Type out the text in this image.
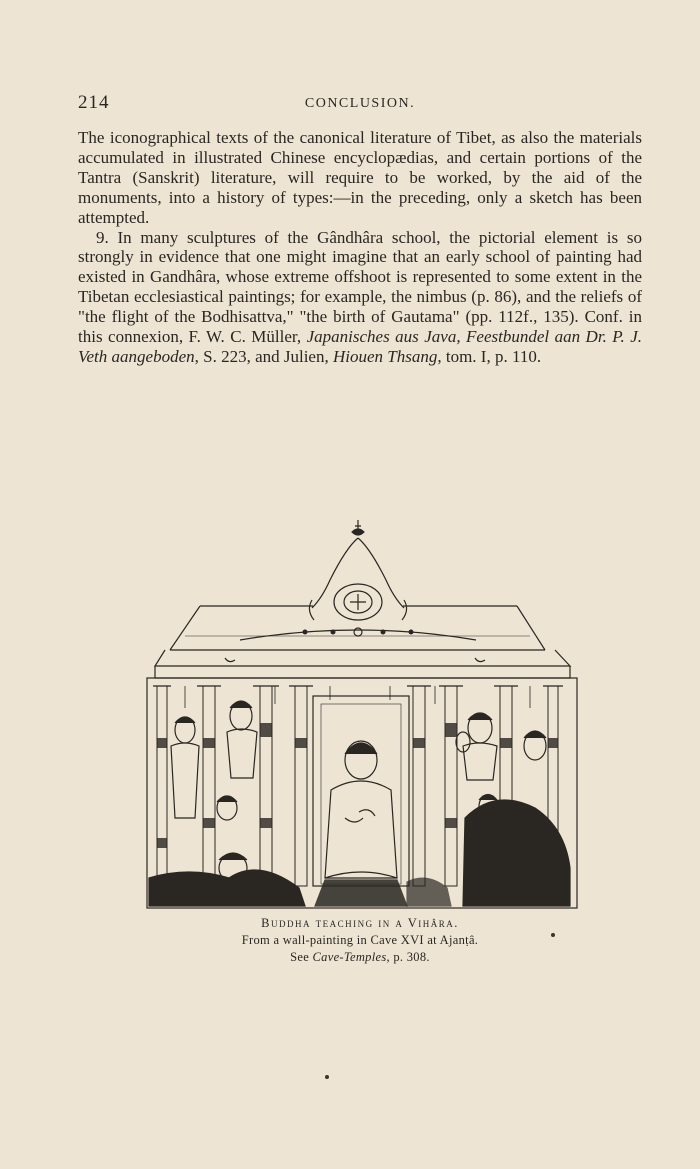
214	CONCLUSION.

The iconographical texts of the canonical literature of Tibet, as also the materials accumulated in illustrated Chinese encyclopædias, and certain portions of the Tantra (Sanskrit) literature, will require to be worked, by the aid of the monuments, into a history of types:—in the preceding, only a sketch has been attempted.

9. In many sculptures of the Gândhâra school, the pictorial element is so strongly in evidence that one might imagine that an early school of painting had existed in Gandhâra, whose extreme offshoot is represented to some extent in the Tibetan ecclesiastical paintings; for example, the nimbus (p. 86), and the reliefs of "the flight of the Bodhisattva," "the birth of Gautama" (pp. 112f., 135). Conf. in this connexion, F. W. C. Müller, Japanisches aus Java, Feestbundel aan Dr. P. J. Veth aangeboden, S. 223, and Julien, Hiouen Thsang, tom. I, p. 110.

Buddha teaching in a Vihâra.
From a wall-painting in Cave XVI at Ajanṭâ.
See Cave-Temples, p. 308.
